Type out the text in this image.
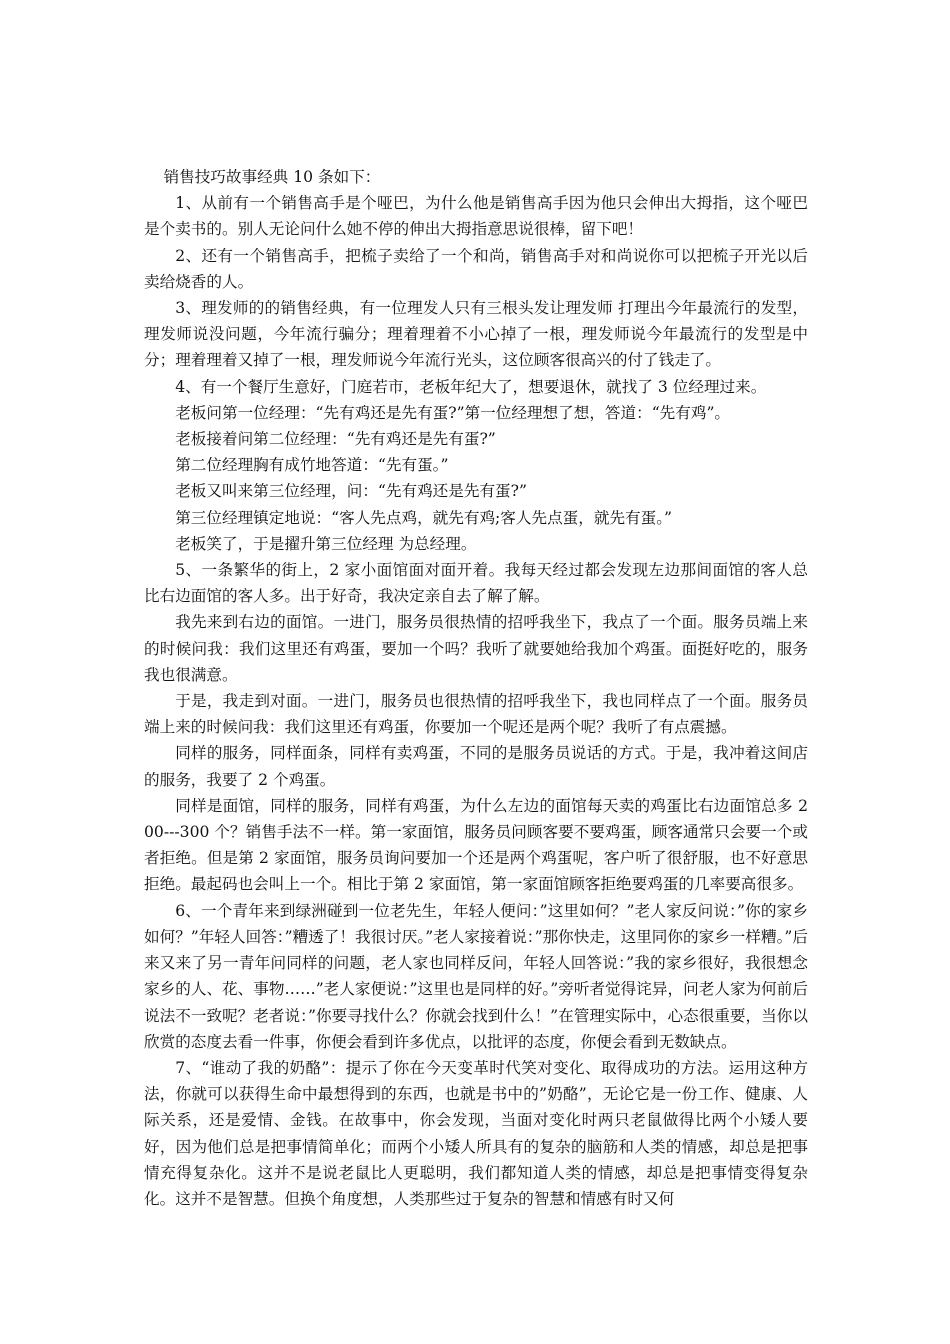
销售技巧故事经典 10 条如下：

1、从前有一个销售高手是个哑巴，为什么他是销售高手因为他只会伸出大拇指，这个哑巴是个卖书的。别人无论问什么她不停的伸出大拇指意思说很棒，留下吧！

2、还有一个销售高手，把梳子卖给了一个和尚，销售高手对和尚说你可以把梳子开光以后卖给烧香的人。

3、理发师的的销售经典，有一位理发人只有三根头发让理发师 打理出今年最流行的发型，理发师说没问题，今年流行骗分；理着理着不小心掉了一根，理发师说今年最流行的发型是中分；理着理着又掉了一根，理发师说今年流行光头，这位顾客很高兴的付了钱走了。

4、有一个餐厅生意好，门庭若市，老板年纪大了，想要退休，就找了 3 位经理过来。

老板问第一位经理：“先有鸡还是先有蛋?”第一位经理想了想，答道：“先有鸡”。

老板接着问第二位经理：“先有鸡还是先有蛋?”

第二位经理胸有成竹地答道：“先有蛋。”

老板又叫来第三位经理，问：“先有鸡还是先有蛋?”

第三位经理镇定地说：“客人先点鸡，就先有鸡;客人先点蛋，就先有蛋。”

老板笑了，于是擢升第三位经理 为总经理。

5、一条繁华的街上，2 家小面馆面对面开着。我每天经过都会发现左边那间面馆的客人总比右边面馆的客人多。出于好奇，我决定亲自去了解了解。

我先来到右边的面馆。一进门，服务员很热情的招呼我坐下，我点了一个面。服务员端上来的时候问我：我们这里还有鸡蛋，要加一个吗？我听了就要她给我加个鸡蛋。面挺好吃的，服务我也很满意。

于是，我走到对面。一进门，服务员也很热情的招呼我坐下，我也同样点了一个面。服务员端上来的时候问我：我们这里还有鸡蛋，你要加一个呢还是两个呢？我听了有点震撼。

同样的服务，同样面条，同样有卖鸡蛋，不同的是服务员说话的方式。于是，我冲着这间店的服务，我要了 2 个鸡蛋。

同样是面馆，同样的服务，同样有鸡蛋，为什么左边的面馆每天卖的鸡蛋比右边面馆总多 200---300 个？销售手法不一样。第一家面馆，服务员问顾客要不要鸡蛋，顾客通常只会要一个或者拒绝。但是第 2 家面馆，服务员询问要加一个还是两个鸡蛋呢，客户听了很舒服，也不好意思拒绝。最起码也会叫上一个。相比于第 2 家面馆，第一家面馆顾客拒绝要鸡蛋的几率要高很多。

6、一个青年来到绿洲碰到一位老先生，年轻人便问：”这里如何？”老人家反问说：”你的家乡如何？”年轻人回答：”糟透了！我很讨厌。”老人家接着说：”那你快走，这里同你的家乡一样糟。”后来又来了另一青年问同样的问题，老人家也同样反问，年轻人回答说：”我的家乡很好，我很想念家乡的人、花、事物……”老人家便说：”这里也是同样的好。”旁听者觉得诧异，问老人家为何前后说法不一致呢？老者说：”你要寻找什么？你就会找到什么！”在管理实际中，心态很重要，当你以欣赏的态度去看一件事，你便会看到许多优点，以批评的态度，你便会看到无数缺点。

7、“谁动了我的奶酪”：提示了你在今天变革时代笑对变化、取得成功的方法。运用这种方法，你就可以获得生命中最想得到的东西，也就是书中的”奶酪”，无论它是一份工作、健康、人际关系，还是爱情、金钱。在故事中，你会发现，当面对变化时两只老鼠做得比两个小矮人要好，因为他们总是把事情简单化；而两个小矮人所具有的复杂的脑筋和人类的情感，却总是把事情充得复杂化。这并不是说老鼠比人更聪明，我们都知道人类的情感，却总是把事情变得复杂化。这并不是智慧。但换个角度想，人类那些过于复杂的智慧和情感有时又何
